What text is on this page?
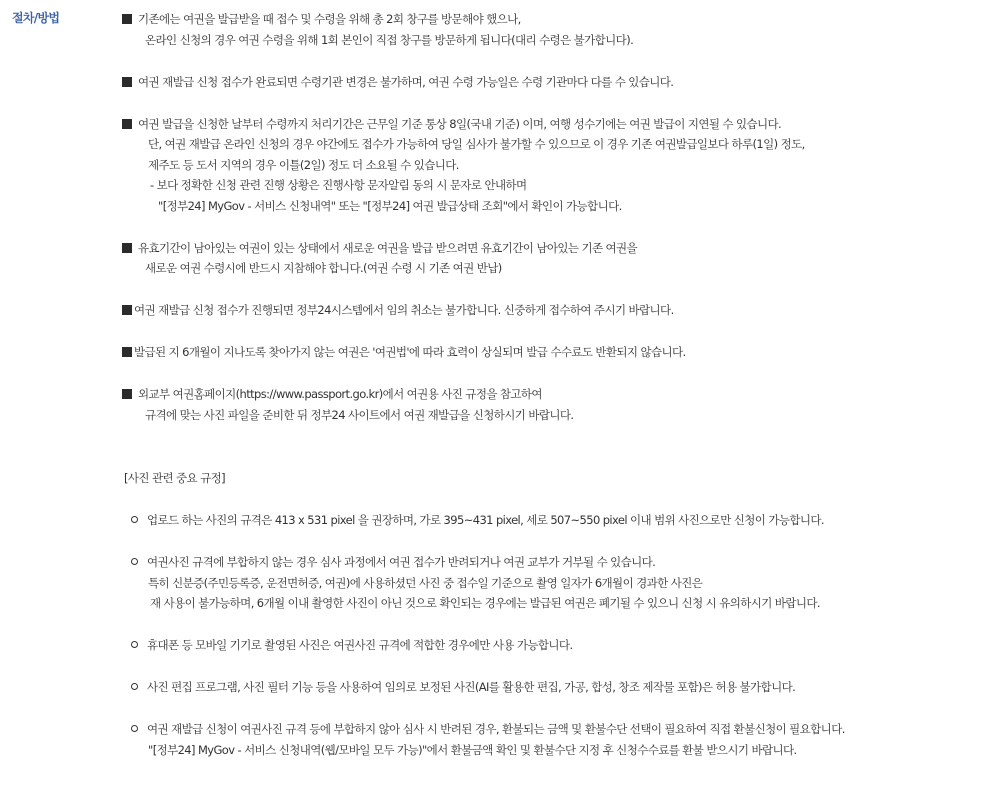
절차/방법	기존에는 여권을 발급받을 때 접수 및 수령을 위해 총 2회 창구를 방문해야 했으나,
온라인 신청의 경우 여권 수령을 위해 1회 본인이 직접 창구를 방문하게 됩니다(대리 수령은 불가합니다).
여권 재발급 신청 접수가 완료되면 수령기관 변경은 불가하며, 여권 수령 가능일은 수령 기관마다 다를 수 있습니다.
여권 발급을 신청한 날부터 수령까지 처리기간은 근무일 기준 통상 8일(국내 기준) 이며, 여행 성수기에는 여권 발급이 지연될 수 있습니다.
단, 여권 재발급 온라인 신청의 경우 야간에도 접수가 가능하여 당일 심사가 불가할 수 있으므로 이 경우 기존 여권발급일보다 하루(1일) 정도,
제주도 등 도서 지역의 경우 이틀(2일) 정도 더 소요될 수 있습니다.
- 보다 정확한 신청 관련 진행 상황은 진행사항 문자알림 동의 시 문자로 안내하며
"[정부24] MyGov - 서비스 신청내역" 또는 "[정부24] 여권 발급상태 조회"에서 확인이 가능합니다.
유효기간이 남아있는 여권이 있는 상태에서 새로운 여권을 발급 받으려면 유효기간이 남아있는 기존 여권을
새로운 여권 수령시에 반드시 지참해야 합니다.(여권 수령 시 기존 여권 반납)
여권 재발급 신청 접수가 진행되면 정부24시스템에서 임의 취소는 불가합니다. 신중하게 접수하여 주시기 바랍니다.
발급된 지 6개월이 지나도록 찾아가지 않는 여권은 '여권법'에 따라 효력이 상실되며 발급 수수료도 반환되지 않습니다.
외교부 여권홈페이지(https://www.passport.go.kr)에서 여권용 사진 규정을 참고하여
규격에 맞는 사진 파일을 준비한 뒤 정부24 사이트에서 여권 재발급을 신청하시기 바랍니다.
[사진 관련 중요 규정]
업로드 하는 사진의 규격은 413 x 531 pixel 을 권장하며, 가로 395~431 pixel, 세로 507~550 pixel 이내 범위 사진으로만 신청이 가능합니다.
여권사진 규격에 부합하지 않는 경우 심사 과정에서 여권 접수가 반려되거나 여권 교부가 거부될 수 있습니다.
특히 신분증(주민등록증, 운전면허증, 여권)에 사용하셨던 사진 중 접수일 기준으로 촬영 일자가 6개월이 경과한 사진은
재 사용이 불가능하며, 6개월 이내 촬영한 사진이 아닌 것으로 확인되는 경우에는 발급된 여권은 폐기될 수 있으니 신청 시 유의하시기 바랍니다.
휴대폰 등 모바일 기기로 촬영된 사진은 여권사진 규격에 적합한 경우에만 사용 가능합니다.
사진 편집 프로그램, 사진 필터 기능 등을 사용하여 임의로 보정된 사진(AI를 활용한 편집, 가공, 합성, 창조 제작물 포함)은 허용 불가합니다.
여권 재발급 신청이 여권사진 규격 등에 부합하지 않아 심사 시 반려된 경우, 환불되는 금액 및 환불수단 선택이 필요하여 직접 환불신청이 필요합니다.
"[정부24] MyGov - 서비스 신청내역(웹/모바일 모두 가능)"에서 환불금액 확인 및 환불수단 지정 후 신청수수료를 환불 받으시기 바랍니다.
